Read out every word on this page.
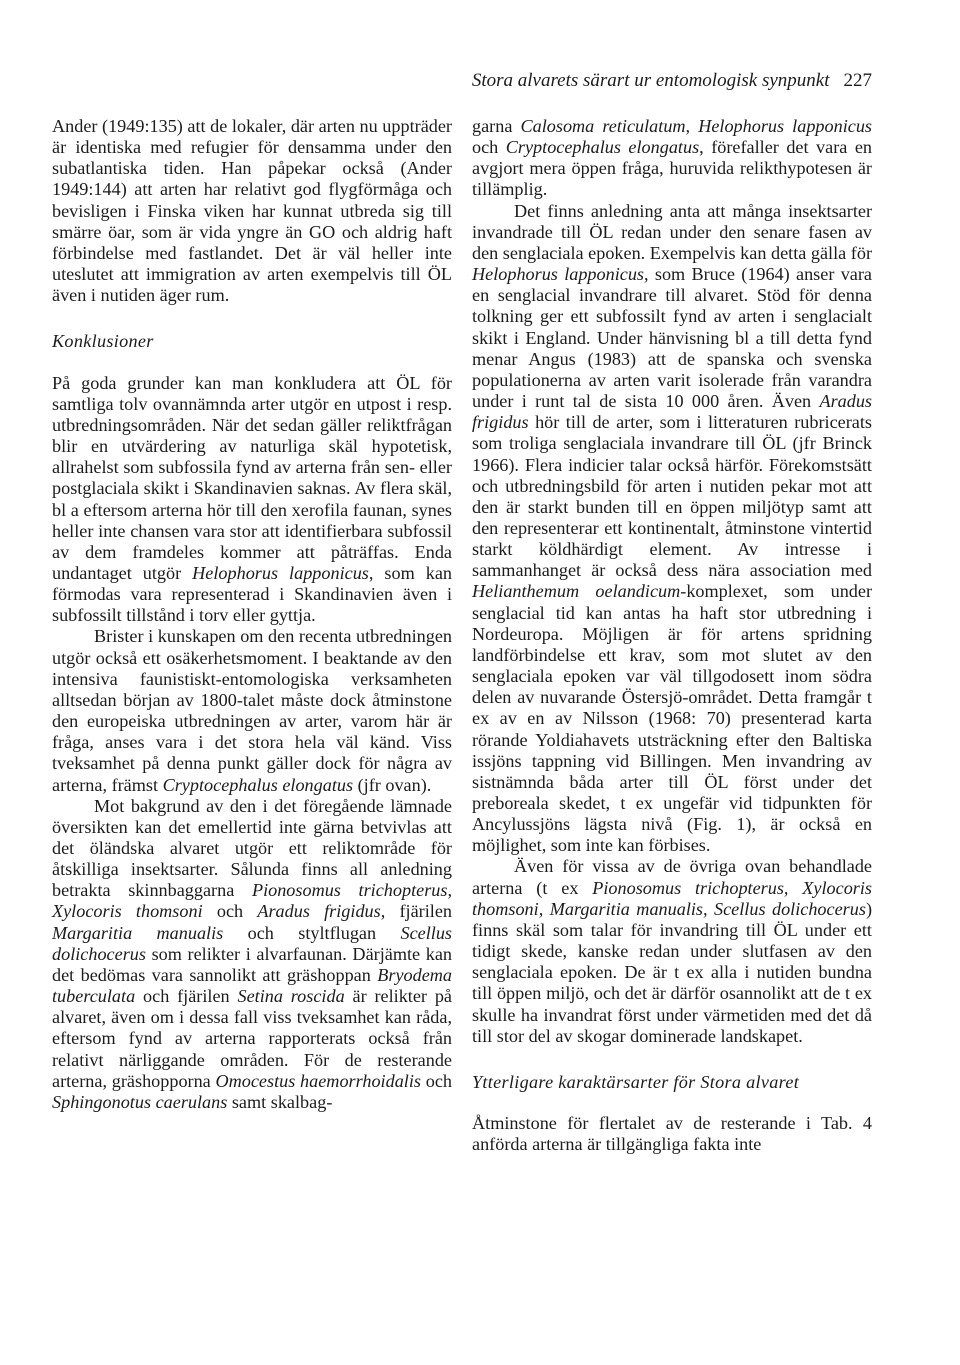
Stora alvarets särart ur entomologisk synpunkt 227

Ander (1949:135) att de lokaler, där arten nu uppträder är identiska med refugier för densamma under den subatlantiska tiden. Han påpekar också (Ander 1949:144) att arten har relativt god flygförmåga och bevisligen i Finska viken har kunnat utbreda sig till smärre öar, som är vida yngre än GO och aldrig haft förbindelse med fastlandet. Det är väl heller inte uteslutet att immigration av arten exempelvis till ÖL även i nutiden äger rum.

Konklusioner

På goda grunder kan man konkludera att ÖL för samtliga tolv ovannämnda arter utgör en utpost i resp. utbredningsområden. När det sedan gäller reliktfrågan blir en utvärdering av naturliga skäl hypotetisk, allrahelst som subfossila fynd av arterna från sen- eller postglaciala skikt i Skandinavien saknas. Av flera skäl, bl a eftersom arterna hör till den xerofila faunan, synes heller inte chansen vara stor att identifierbara subfossil av dem framdeles kommer att påträffas. Enda undantaget utgör Helophorus lapponicus, som kan förmodas vara representerad i Skandinavien även i subfossilt tillstånd i torv eller gyttja.

Brister i kunskapen om den recenta utbredningen utgör också ett osäkerhetsmoment. I beaktande av den intensiva faunistiskt-entomologiska verksamheten alltsedan början av 1800-talet måste dock åtminstone den europeiska utbredningen av arter, varom här är fråga, anses vara i det stora hela väl känd. Viss tveksamhet på denna punkt gäller dock för några av arterna, främst Cryptocephalus elongatus (jfr ovan).

Mot bakgrund av den i det föregående lämnade översikten kan det emellertid inte gärna betvivlas att det öländska alvaret utgör ett reliktområde för åtskilliga insektsarter. Sålunda finns all anledning betrakta skinnbaggarna Pionosomus trichopterus, Xylocoris thomsoni och Aradus frigidus, fjärilen Margaritia manualis och styltflugan Scellus dolichocerus som relikter i alvarfaunan. Därjämte kan det bedömas vara sannolikt att gräshoppan Bryodema tuberculata och fjärilen Setina roscida är relikter på alvaret, även om i dessa fall viss tveksamhet kan råda, eftersom fynd av arterna rapporterats också från relativt närliggande områden. För de resterande arterna, gräshopporna Omocestus haemorrhoidalis och Sphingonotus caerulans samt skalbag-

garna Calosoma reticulatum, Helophorus lapponicus och Cryptocephalus elongatus, förefaller det vara en avgjort mera öppen fråga, huruvida relikthypotesen är tillämplig.

Det finns anledning anta att många insektsarter invandrade till ÖL redan under den senare fasen av den senglaciala epoken. Exempelvis kan detta gälla för Helophorus lapponicus, som Bruce (1964) anser vara en senglacial invandrare till alvaret. Stöd för denna tolkning ger ett subfossilt fynd av arten i senglacialt skikt i England. Under hänvisning bl a till detta fynd menar Angus (1983) att de spanska och svenska populationerna av arten varit isolerade från varandra under i runt tal de sista 10 000 åren. Även Aradus frigidus hör till de arter, som i litteraturen rubricerats som troliga senglaciala invandrare till ÖL (jfr Brinck 1966). Flera indicier talar också härför. Förekomstsätt och utbredningsbild för arten i nutiden pekar mot att den är starkt bunden till en öppen miljötyp samt att den representerar ett kontinentalt, åtminstone vintertid starkt köldhärdigt element. Av intresse i sammanhanget är också dess nära association med Helianthemum oelandicum-komplexet, som under senglacial tid kan antas ha haft stor utbredning i Nordeuropa. Möjligen är för artens spridning landförbindelse ett krav, som mot slutet av den senglaciala epoken var väl tillgodosett inom södra delen av nuvarande Östersjö-området. Detta framgår t ex av en av Nilsson (1968: 70) presenterad karta rörande Yoldiahavets utsträckning efter den Baltiska issjöns tappning vid Billingen. Men invandring av sistnämnda båda arter till ÖL först under det preboreala skedet, t ex ungefär vid tidpunkten för Ancylussjöns lägsta nivå (Fig. 1), är också en möjlighet, som inte kan förbises.

Även för vissa av de övriga ovan behandlade arterna (t ex Pionosomus trichopterus, Xylocoris thomsoni, Margaritia manualis, Scellus dolichocerus) finns skäl som talar för invandring till ÖL under ett tidigt skede, kanske redan under slutfasen av den senglaciala epoken. De är t ex alla i nutiden bundna till öppen miljö, och det är därför osannolikt att de t ex skulle ha invandrat först under värmetiden med det då till stor del av skogar dominerade landskapet.

Ytterligare karaktärsarter för Stora alvaret

Åtminstone för flertalet av de resterande i Tab. 4 anförda arterna är tillgängliga fakta inte
